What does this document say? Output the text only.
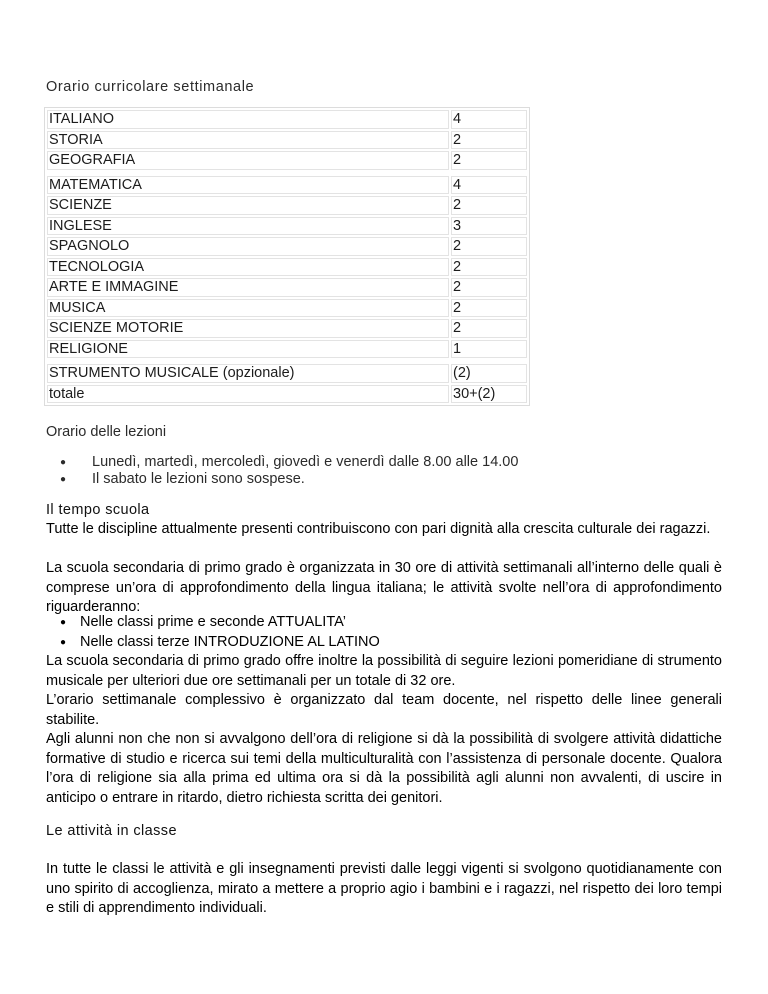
Orario curricolare settimanale
ITALIANO	4
STORIA	2
GEOGRAFIA	2

MATEMATICA	4
SCIENZE	2
INGLESE	3
SPAGNOLO	2
TECNOLOGIA	2
ARTE E IMMAGINE	2
MUSICA	2
SCIENZE MOTORIE	2
RELIGIONE	1

STRUMENTO MUSICALE (opzionale)	(2)
totale	30+(2)
Orario delle lezioni
● Lunedì, martedì, mercoledì, giovedì e venerdì dalle 8.00 alle 14.00
● Il sabato le lezioni sono sospese.
Il tempo scuola

Tutte le discipline attualmente presenti contribuiscono con pari dignità alla crescita culturale dei ragazzi.

La scuola secondaria di primo grado è organizzata in 30 ore di attività settimanali all’interno delle quali è comprese un’ora di approfondimento della lingua italiana; le attività svolte nell’ora di approfondimento riguarderanno:

● Nelle classi prime e seconde ATTUALITA’
● Nelle classi terze INTRODUZIONE AL LATINO

La scuola secondaria di primo grado offre inoltre la possibilità di seguire lezioni pomeridiane di strumento musicale per ulteriori due ore settimanali per un totale di 32 ore.

L’orario settimanale complessivo è organizzato dal team docente, nel rispetto delle linee generali stabilite.

Agli alunni non che non si avvalgono dell’ora di religione si dà la possibilità di svolgere attività didattiche formative di studio e ricerca sui temi della multiculturalità con l’assistenza di personale docente. Qualora l’ora di religione sia alla prima ed ultima ora si dà la possibilità agli alunni non avvalenti, di uscire in anticipo o entrare in ritardo, dietro richiesta scritta dei genitori.

Le attività in classe

In tutte le classi le attività e gli insegnamenti previsti dalle leggi vigenti si svolgono quotidianamente con uno spirito di accoglienza, mirato a mettere a proprio agio i bambini e i ragazzi, nel rispetto dei loro tempi e stili di apprendimento individuali.
